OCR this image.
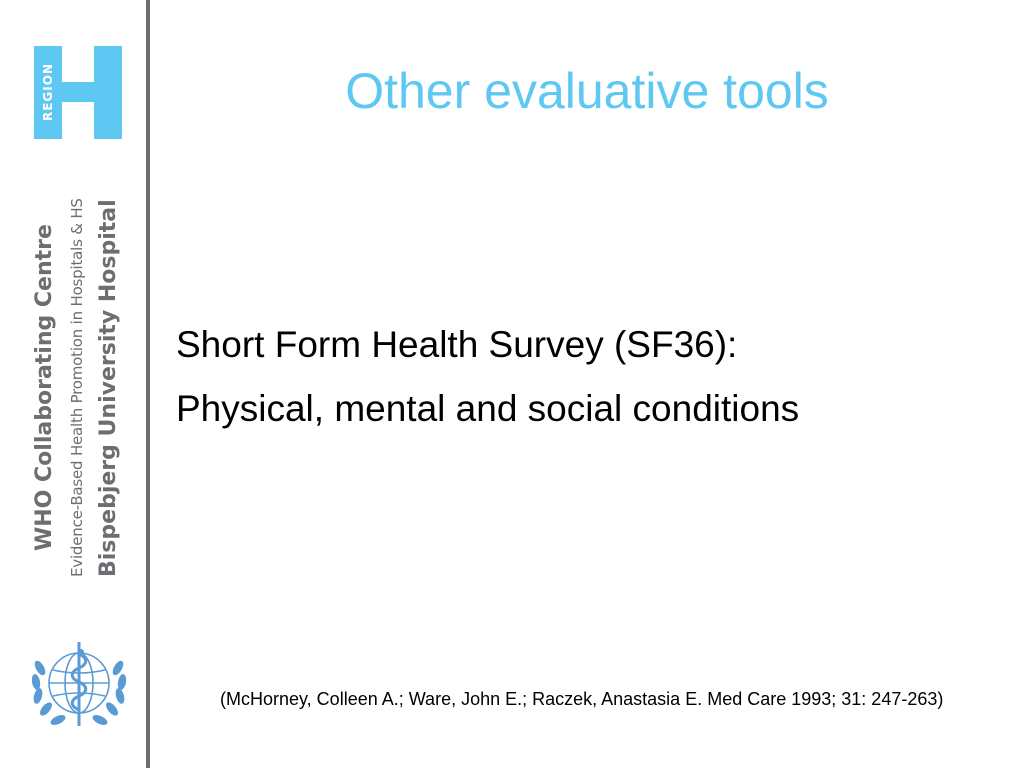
REGION
WHO Collaborating Centre Evidence-Based Health Promotion in Hospitals & HS Bispebjerg University Hospital
Other evaluative tools
Short Form Health Survey (SF36):
Physical, mental and social conditions
(McHorney, Colleen A.; Ware, John E.; Raczek, Anastasia E. Med Care 1993; 31: 247-263)
